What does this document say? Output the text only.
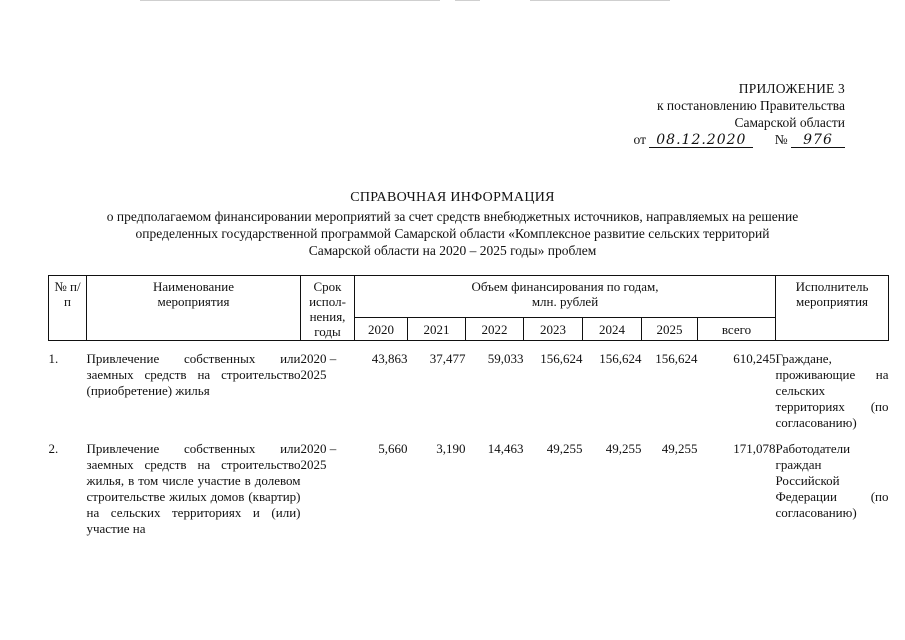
ПРИЛОЖЕНИЕ 3
к постановлению Правительства
Самарской области
от 08.12.2020 № 976
СПРАВОЧНАЯ ИНФОРМАЦИЯ
о предполагаемом финансировании мероприятий за счет средств внебюджетных источников, направляемых на решение
определенных государственной программой Самарской области «Комплексное развитие сельских территорий
Самарской области на 2020 – 2025 годы» проблем
№ п/п	Наименование мероприятия	Срок испол-нения, годы	Объем финансирования по годам,
млн. рублей							Исполнитель мероприятия
			2020	2021	2022	2023	2024	2025	всего	

1.	Привлечение собственных или заемных средств на строительство (приобретение) жилья	2020 – 2025	43,863	37,477	59,033	156,624	156,624	156,624	610,245	Граждане, проживающие на сельских территориях (по согласованию)

2.	Привлечение собственных или заемных средств на строительство жилья, в том числе участие в долевом строительстве жилых домов (квартир) на сельских территориях и (или) участие на	2020 – 2025	5,660	3,190	14,463	49,255	49,255	49,255	171,078	Работодатели граждан Российской Федерации (по согласованию)
